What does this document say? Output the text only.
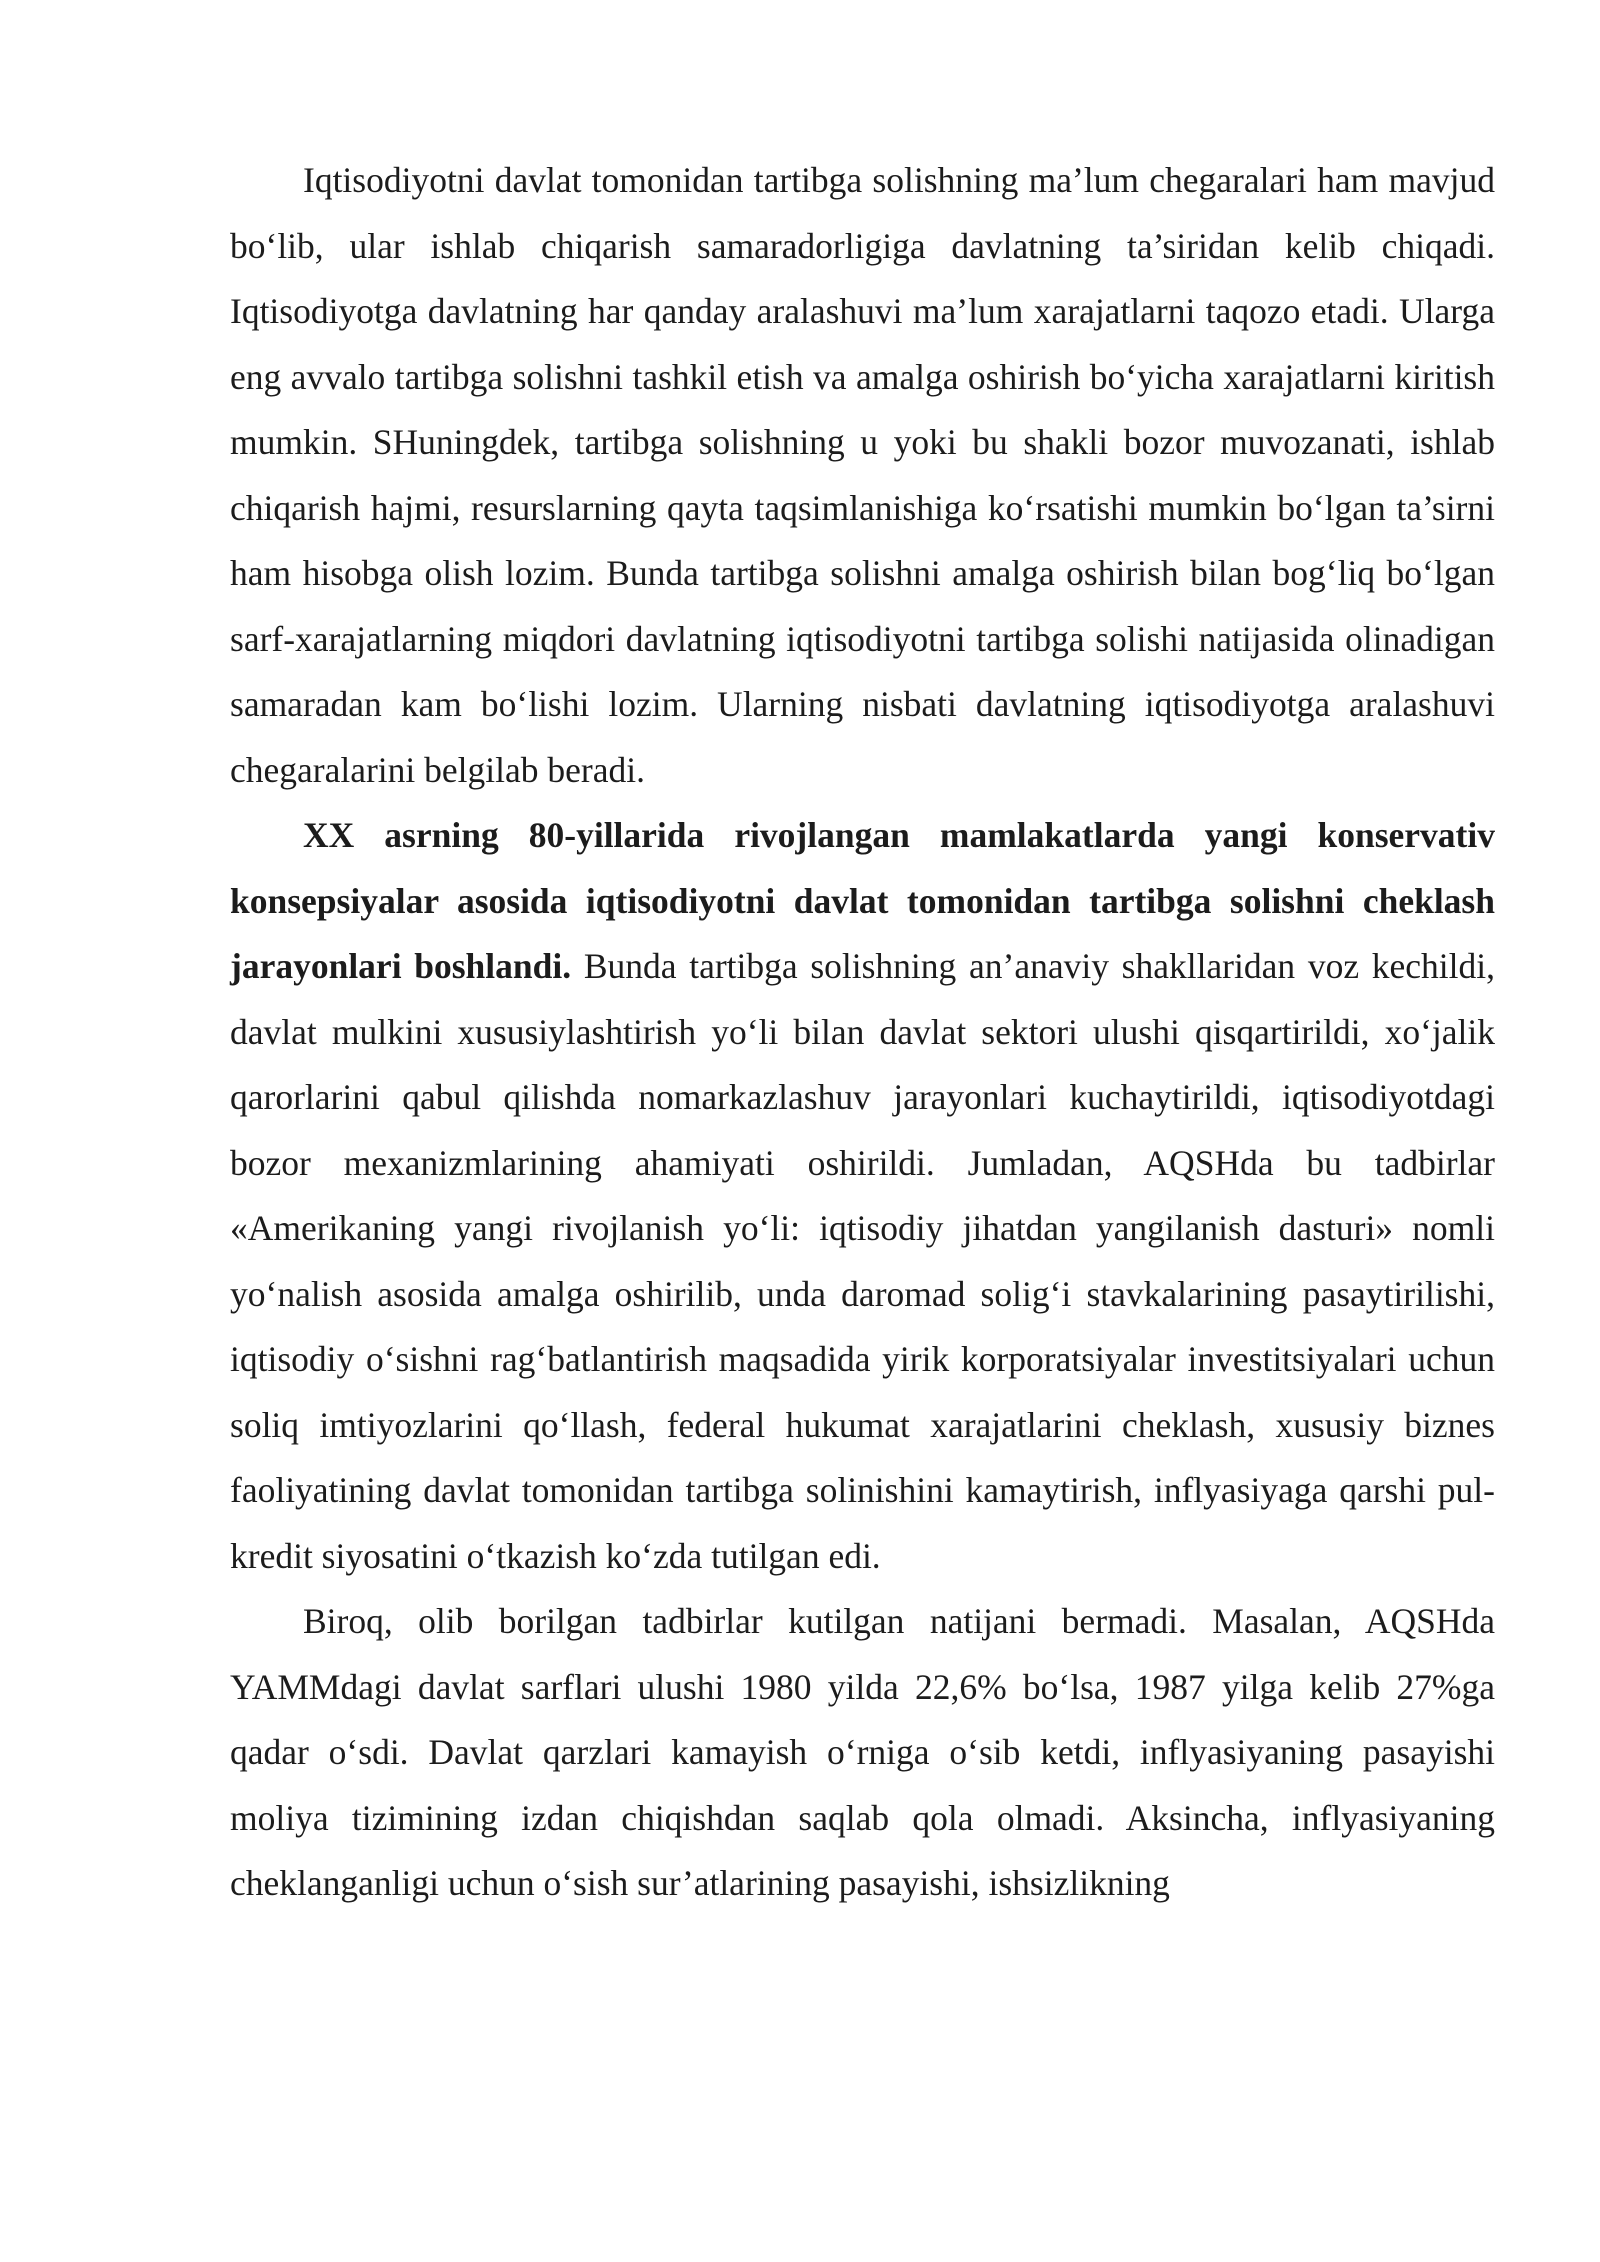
Iqtisodiyotni davlat tomonidan tartibga solishning ma’lum chegaralari ham mavjud bo‘lib, ular ishlab chiqarish samaradorligiga davlatning ta’siridan kelib chiqadi. Iqtisodiyotga davlatning har qanday aralashuvi ma’lum xarajatlarni taqozo etadi. Ularga eng avvalo tartibga solishni tashkil etish va amalga oshirish bo‘yicha xarajatlarni kiritish mumkin. SHuningdek, tartibga solishning u yoki bu shakli bozor muvozanati, ishlab chiqarish hajmi, resurslarning qayta taqsimlanishiga ko‘rsatishi mumkin bo‘lgan ta’sirni ham hisobga olish lozim. Bunda tartibga solishni amalga oshirish bilan bog‘liq bo‘lgan sarf-xarajatlarning miqdori davlatning iqtisodiyotni tartibga solishi natijasida olinadigan samaradan kam bo‘lishi lozim. Ularning nisbati davlatning iqtisodiyotga aralashuvi chegaralarini belgilab beradi.

XX asrning 80-yillarida rivojlangan mamlakatlarda yangi konservativ konsepsiyalar asosida iqtisodiyotni davlat tomonidan tartibga solishni cheklash jarayonlari boshlandi. Bunda tartibga solishning an’anaviy shakllaridan voz kechildi, davlat mulkini xususiylashtirish yo‘li bilan davlat sektori ulushi qisqartirildi, xo‘jalik qarorlarini qabul qilishda nomarkazlashuv jarayonlari kuchaytirildi, iqtisodiyotdagi bozor mexanizmlarining ahamiyati oshirildi. Jumladan, AQSHda bu tadbirlar «Amerikaning yangi rivojlanish yo‘li: iqtisodiy jihatdan yangilanish dasturi» nomli yo‘nalish asosida amalga oshirilib, unda daromad solig‘i stavkalarining pasaytirilishi, iqtisodiy o‘sishni rag‘batlantirish maqsadida yirik korporatsiyalar investitsiyalari uchun soliq imtiyozlarini qo‘llash, federal hukumat xarajatlarini cheklash, xususiy biznes faoliyatining davlat tomonidan tartibga solinishini kamaytirish, inflyasiyaga qarshi pul-kredit siyosatini o‘tkazish ko‘zda tutilgan edi.

Biroq, olib borilgan tadbirlar kutilgan natijani bermadi. Masalan, AQSHda YAMMdagi davlat sarflari ulushi 1980 yilda 22,6% bo‘lsa, 1987 yilga kelib 27%ga qadar o‘sdi. Davlat qarzlari kamayish o‘rniga o‘sib ketdi, inflyasiyaning pasayishi moliya tizimining izdan chiqishdan saqlab qola olmadi. Aksincha, inflyasiyaning cheklanganligi uchun o‘sish sur’atlarining pasayishi, ishsizlikning
